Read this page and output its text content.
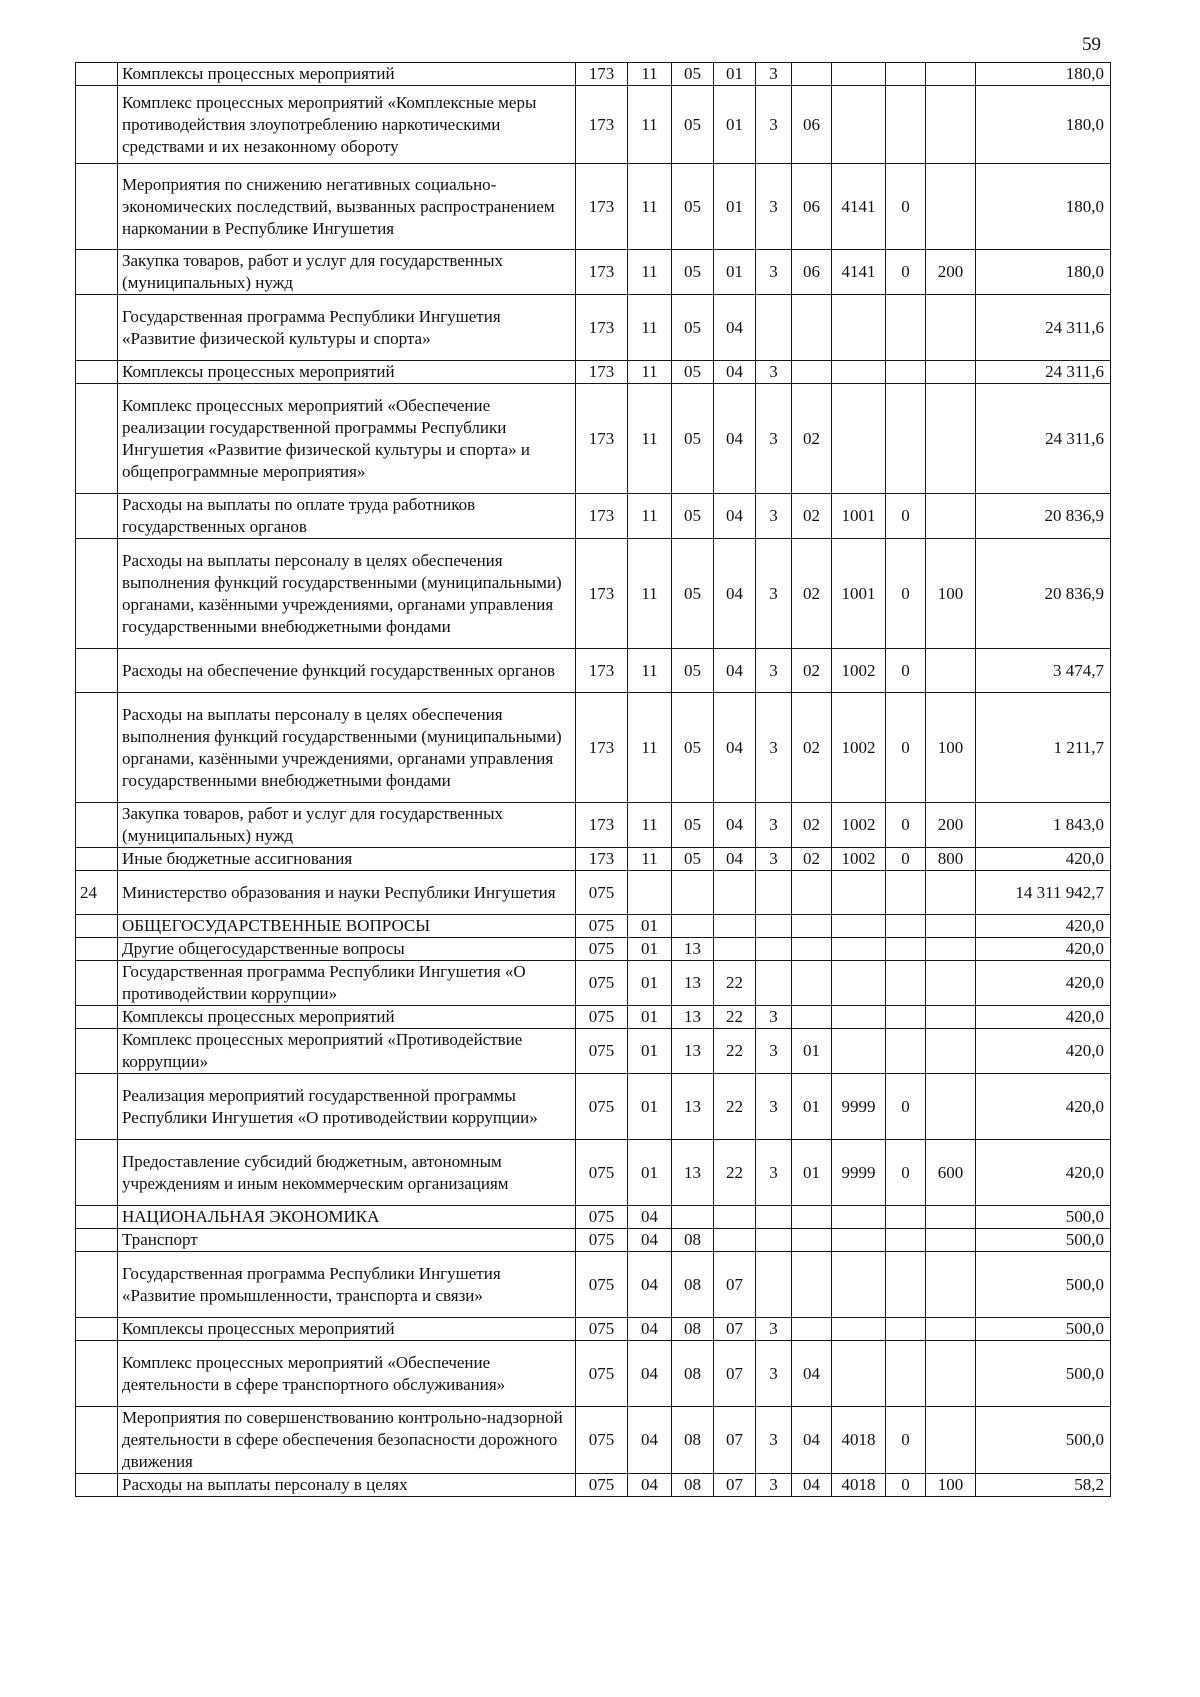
59
	Комплексы процессных мероприятий	173	11	05	01	3					180,0
	Комплекс процессных мероприятий «Комплексные меры противодействия злоупотреблению наркотическими средствами и их незаконному обороту	173	11	05	01	3	06				180,0
	Мероприятия по снижению негативных социально-экономических последствий, вызванных распространением наркомании в Республике Ингушетия	173	11	05	01	3	06	4141	0		180,0
	Закупка товаров, работ и услуг для государственных (муниципальных) нужд	173	11	05	01	3	06	4141	0	200	180,0
	Государственная программа Республики Ингушетия «Развитие физической культуры и спорта»	173	11	05	04						24 311,6
	Комплексы процессных мероприятий	173	11	05	04	3					24 311,6
	Комплекс процессных мероприятий «Обеспечение реализации государственной программы Республики Ингушетия «Развитие физической культуры и спорта» и общепрограммные мероприятия»	173	11	05	04	3	02				24 311,6
	Расходы на выплаты по оплате труда работников государственных органов	173	11	05	04	3	02	1001	0		20 836,9
	Расходы на выплаты персоналу в целях обеспечения выполнения функций государственными (муниципальными) органами, казёнными учреждениями, органами управления государственными внебюджетными фондами	173	11	05	04	3	02	1001	0	100	20 836,9
	Расходы на обеспечение функций государственных органов	173	11	05	04	3	02	1002	0		3 474,7
	Расходы на выплаты персоналу в целях обеспечения выполнения функций государственными (муниципальными) органами, казёнными учреждениями, органами управления государственными внебюджетными фондами	173	11	05	04	3	02	1002	0	100	1 211,7
	Закупка товаров, работ и услуг для государственных (муниципальных) нужд	173	11	05	04	3	02	1002	0	200	1 843,0
	Иные бюджетные ассигнования	173	11	05	04	3	02	1002	0	800	420,0
24	Министерство образования и науки Республики Ингушетия	075									14 311 942,7
	ОБЩЕГОСУДАРСТВЕННЫЕ ВОПРОСЫ	075	01								420,0
	Другие общегосударственные вопросы	075	01	13							420,0
	Государственная программа Республики Ингушетия «О противодействии коррупции»	075	01	13	22						420,0
	Комплексы процессных мероприятий	075	01	13	22	3					420,0
	Комплекс процессных мероприятий «Противодействие коррупции»	075	01	13	22	3	01				420,0
	Реализация мероприятий государственной программы Республики Ингушетия «О противодействии коррупции»	075	01	13	22	3	01	9999	0		420,0
	Предоставление субсидий бюджетным, автономным учреждениям и иным некоммерческим организациям	075	01	13	22	3	01	9999	0	600	420,0
	НАЦИОНАЛЬНАЯ ЭКОНОМИКА	075	04								500,0
	Транспорт	075	04	08							500,0
	Государственная программа Республики Ингушетия «Развитие промышленности, транспорта и связи»	075	04	08	07						500,0
	Комплексы процессных мероприятий	075	04	08	07	3					500,0
	Комплекс процессных мероприятий «Обеспечение деятельности в сфере транспортного обслуживания»	075	04	08	07	3	04				500,0
	Мероприятия по совершенствованию контрольно-надзорной деятельности в сфере обеспечения безопасности дорожного движения	075	04	08	07	3	04	4018	0		500,0
	Расходы на выплаты персоналу в целях	075	04	08	07	3	04	4018	0	100	58,2
